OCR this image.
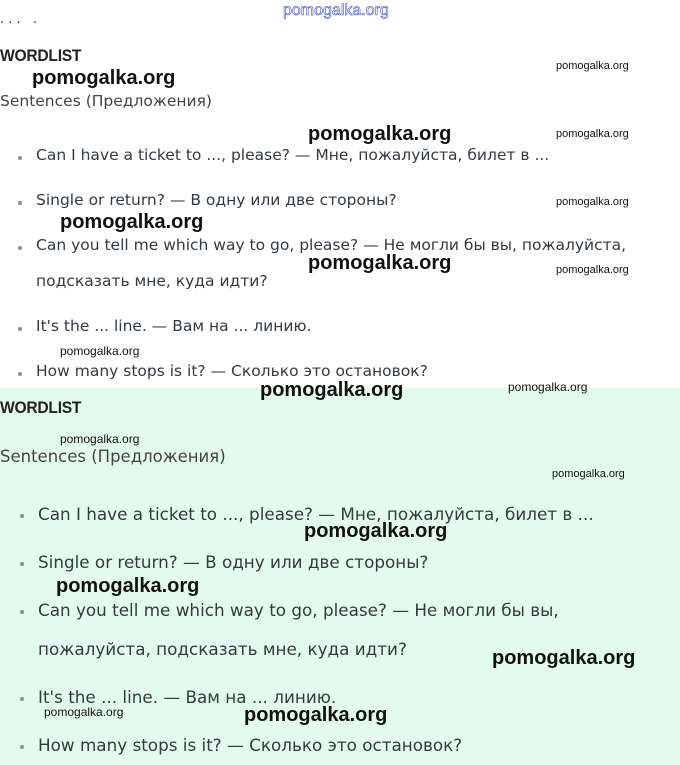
· · ·   ·
WORDLIST

Sentences (Предложения)

Can I have a ticket to ..., please? — Мне, пожалуйста, билет в ...
Single or return? — В одну или две стороны?
Can you tell me which way to go, please? — Не могли бы вы, пожалуйста,
подсказать мне, куда идти?
It's the ... line. — Вам на ... линию.
How many stops is it? — Сколько это остановок?
WORDLIST

Sentences (Предложения)

Can I have a ticket to ..., please? — Мне, пожалуйста, билет в ...
Single or return? — В одну или две стороны?
Can you tell me which way to go, please? — Не могли бы вы,
пожалуйста, подсказать мне, куда идти?
It's the ... line. — Вам на ... линию.
How many stops is it? — Сколько это остановок?
pomogalka.org
pomogalka.org
pomogalka.org
pomogalka.org	pomogalka.org
pomogalka.org
pomogalka.org
pomogalka.org	pomogalka.org
pomogalka.org
pomogalka.org	pomogalka.org
pomogalka.org
pomogalka.org
pomogalka.org
pomogalka.org
pomogalka.org
pomogalka.org	pomogalka.org
